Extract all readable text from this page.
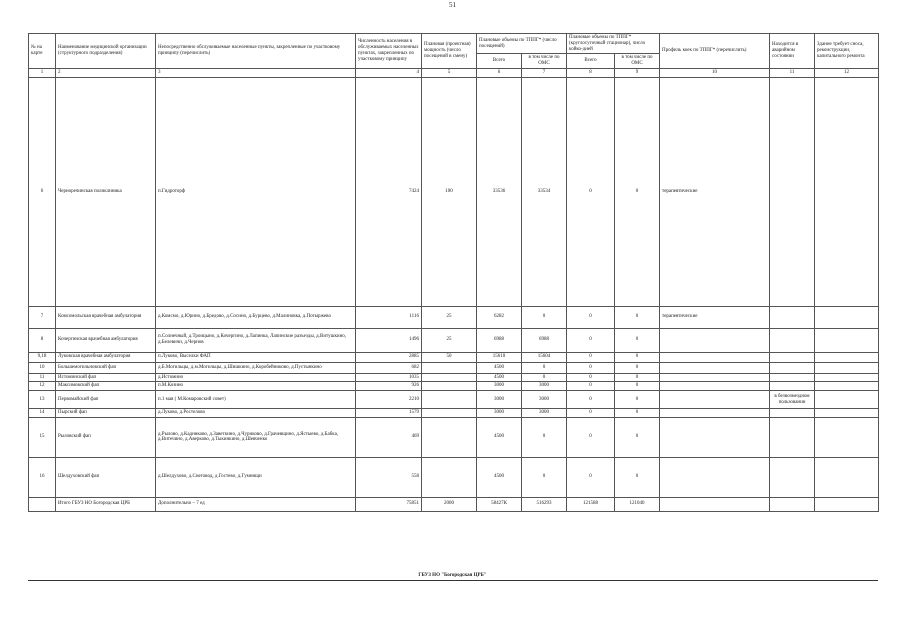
51
№ на карте	Наименование медицинской организации (структурного подразделения)	Непосредственно обслуживаемые населенные пункты, закрепленные по участковому принципу (перечислить)	Численность населения в обслуживаемых населенных пунктах, закрепленных по участковому принципу	Плановая (проектная) мощность (число посещений в смену)	Плановые объемы по ТППГ* (число посещений)		Плановые объемы по ТППГ* (круглосуточный стационар), число койко-дней		Профиль коек по ТППГ* (перечислить)	Находится в аварийном состоянии	Здание требует сноса, реконструкции, капитального ремонта
					Всего	в том числе по ОМС	Всего	в том числе по ОМС			
1	2	3	4	5	6	7	8	9	10	11	12
6	Черноречинская поликлиника	п.Гидроторф	7424	100	33536	33534	0	0	терапевтические		
7	Комсомольская врачебная амбулатория	д.Комсмо, д.Юрино, д.Бредово, д.Сосино, д.Бурцево, д.Малиновка, д.Потыржево	1116	25	6282	0	0	0	терапевтические		
8	Кочергинская врачебная амбулатория	п.Солнечный, д.Троицыно, д.Кочергино, д.Лапинка, Лапинские разъезды, д.Витушкино, д.Белевичи, д.Чернов	1496	25	6988	6988	0	0			
9,18	Луковская врачебная амбулатория	п.Луково, Выселки ФАП	2885	50	15610	15604	0	0			
10	Большемогильновский фап	д.Б.Могильцы, д.м.Могильцы, д.Шишкино, д.Коробейниково, д.Пустынкино	682		4500	0	0	0			
11	Истоминский фап	д.Истомино	1035		4500	0	0	0			
12	Максимовский фап	п.М.Козино	926		3000	3000	0	0			
13	Первомайский фап	п.1 мая ( М.Комаровский совет)	2210		3000	3000	0	0		в безвозмездном пользовании	
14	Пырский фап	д.Луково, д.Ростелово	1579		3000	3000	0	0			
15	Рыловский фап	д.Рылово, д.Кадниково, д.Заветкино, д.Чуриково, д.Грачевщино, д.Ястыево, д.Бабка, д.Витечино, д.Аверково, д.Тыкинкино, д.Шевченко	469		4500	0	0	0			
16	Шелдуховский фап	д.Шелдухово, д.Снеговод, д.Гостево, д.Гумнищи	558		4500	0	0	0			
	Итого ГБУЗ НО Богородская ЦРБ	Дополнительно – 7 ед	75851	2000	58427К	516293	121588	121040			
ГБУЗ НО "Богородская ЦРБ"
